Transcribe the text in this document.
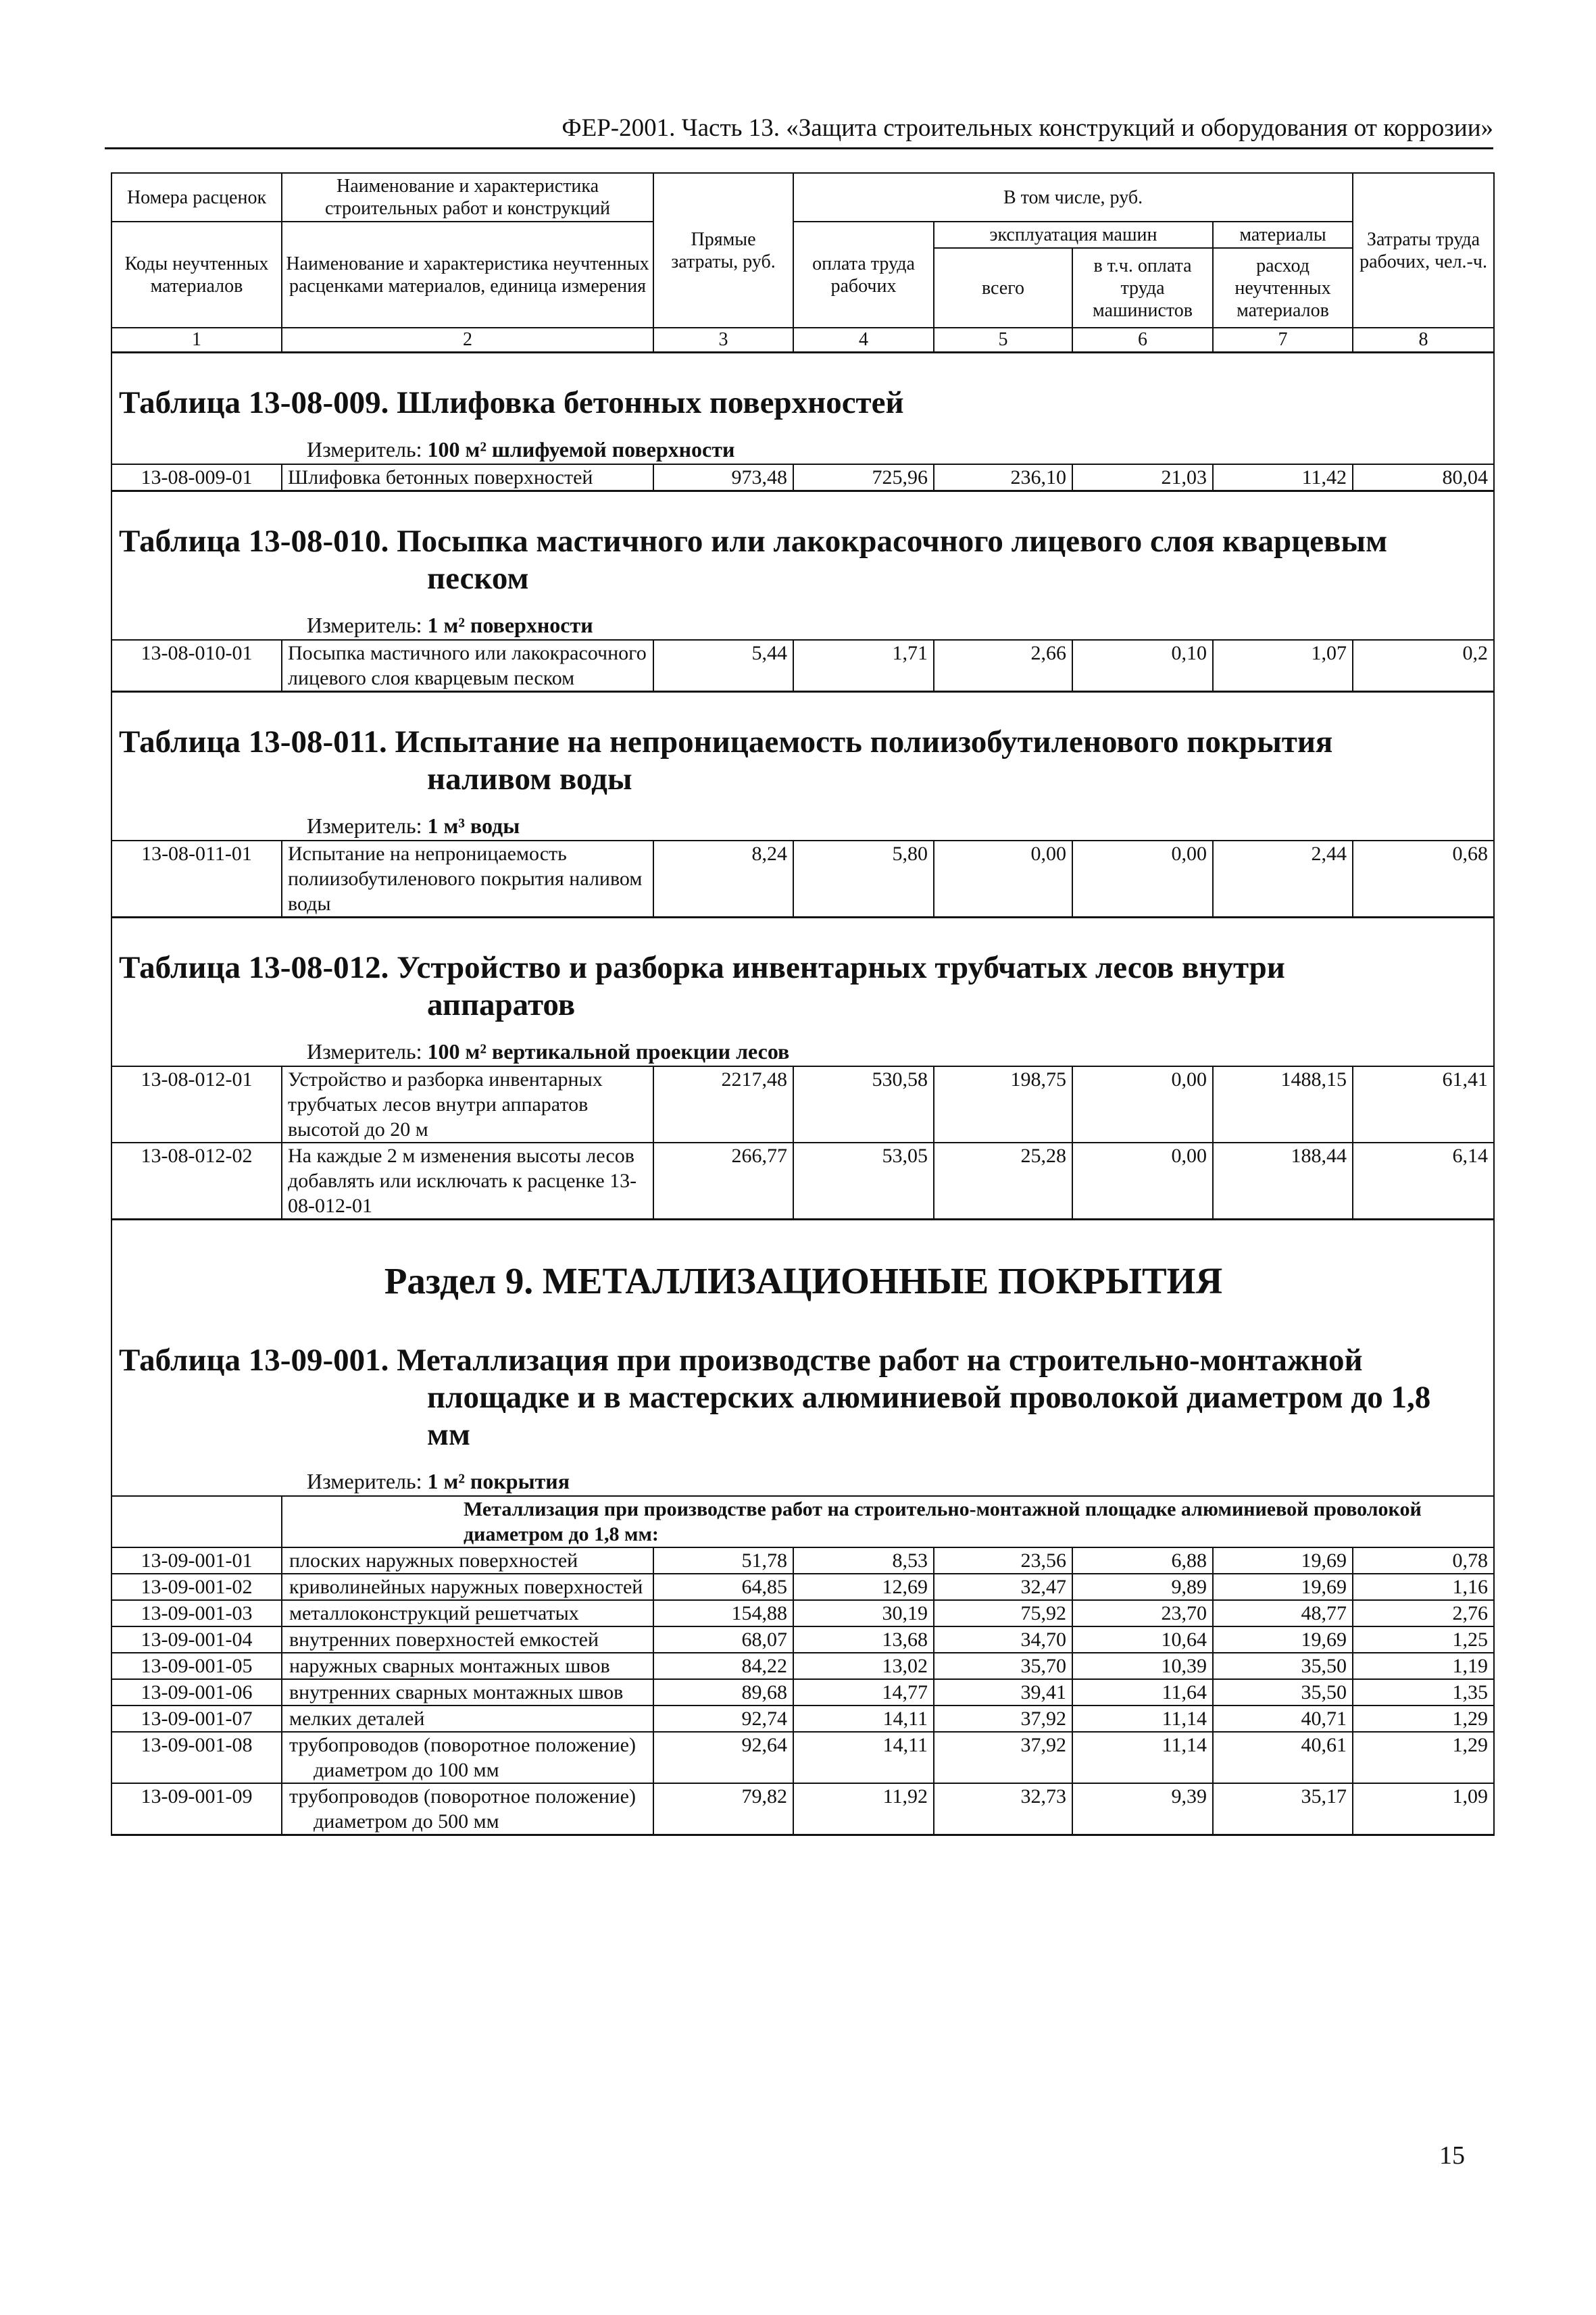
ФЕР-2001. Часть 13. «Защита строительных конструкций и оборудования от коррозии»
Номера расценок	Наименование и характеристика строительных работ и конструкций	Прямые затраты, руб.	В том числе, руб.				Затраты труда рабочих, чел.-ч.
Коды неучтенных материалов	Наименование и характеристика неучтенных расценками материалов, единица измерения		оплата труда рабочих	эксплуатация машин		материалы	
				всего	в т.ч. оплата труда машинистов	расход неучтенных материалов	
1	2	3	4	5	6	7	8

Таблица 13-08-009. Шлифовка бетонных поверхностей
Измеритель: 100 м² шлифуемой поверхности							

13-08-009-01	Шлифовка бетонных поверхностей	973,48	725,96	236,10	21,03	11,42	80,04

Таблица 13-08-010. Посыпка мастичного или лакокрасочного лицевого слоя кварцевым
песком
Измеритель: 1 м² поверхности							

13-08-010-01	Посыпка мастичного или лакокрасочного лицевого слоя кварцевым песком	5,44	1,71	2,66	0,10	1,07	0,2

Таблица 13-08-011. Испытание на непроницаемость полиизобутиленового покрытия
наливом воды
Измеритель: 1 м³ воды							

13-08-011-01	Испытание на непроницаемость полиизобутиленового покрытия наливом воды	8,24	5,80	0,00	0,00	2,44	0,68

Таблица 13-08-012. Устройство и разборка инвентарных трубчатых лесов внутри
аппаратов
Измеритель: 100 м² вертикальной проекции лесов							

13-08-012-01	Устройство и разборка инвентарных трубчатых лесов внутри аппаратов высотой до 20 м	2217,48	530,58	198,75	0,00	1488,15	61,41
13-08-012-02	На каждые 2 м изменения высоты лесов добавлять или исключать к расценке 13-08-012-01	266,77	53,05	25,28	0,00	188,44	6,14

Раздел 9. МЕТАЛЛИЗАЦИОННЫЕ ПОКРЫТИЯ
Таблица 13-09-001. Металлизация при производстве работ на строительно-монтажной
площадке и в мастерских алюминиевой проволокой диаметром до 1,8
мм
Измеритель: 1 м² покрытия							

	Металлизация при производстве работ на строительно-монтажной площадке алюминиевой проволокой диаметром до 1,8 мм:						
13-09-001-01	плоских наружных поверхностей	51,78	8,53	23,56	6,88	19,69	0,78
13-09-001-02	криволинейных наружных поверхностей	64,85	12,69	32,47	9,89	19,69	1,16
13-09-001-03	металлоконструкций решетчатых	154,88	30,19	75,92	23,70	48,77	2,76
13-09-001-04	внутренних поверхностей емкостей	68,07	13,68	34,70	10,64	19,69	1,25
13-09-001-05	наружных сварных монтажных швов	84,22	13,02	35,70	10,39	35,50	1,19
13-09-001-06	внутренних сварных монтажных швов	89,68	14,77	39,41	11,64	35,50	1,35
13-09-001-07	мелких деталей	92,74	14,11	37,92	11,14	40,71	1,29
13-09-001-08	трубопроводов (поворотное положение) диаметром до 100 мм	92,64	14,11	37,92	11,14	40,61	1,29
13-09-001-09	трубопроводов (поворотное положение) диаметром до 500 мм	79,82	11,92	32,73	9,39	35,17	1,09
15
